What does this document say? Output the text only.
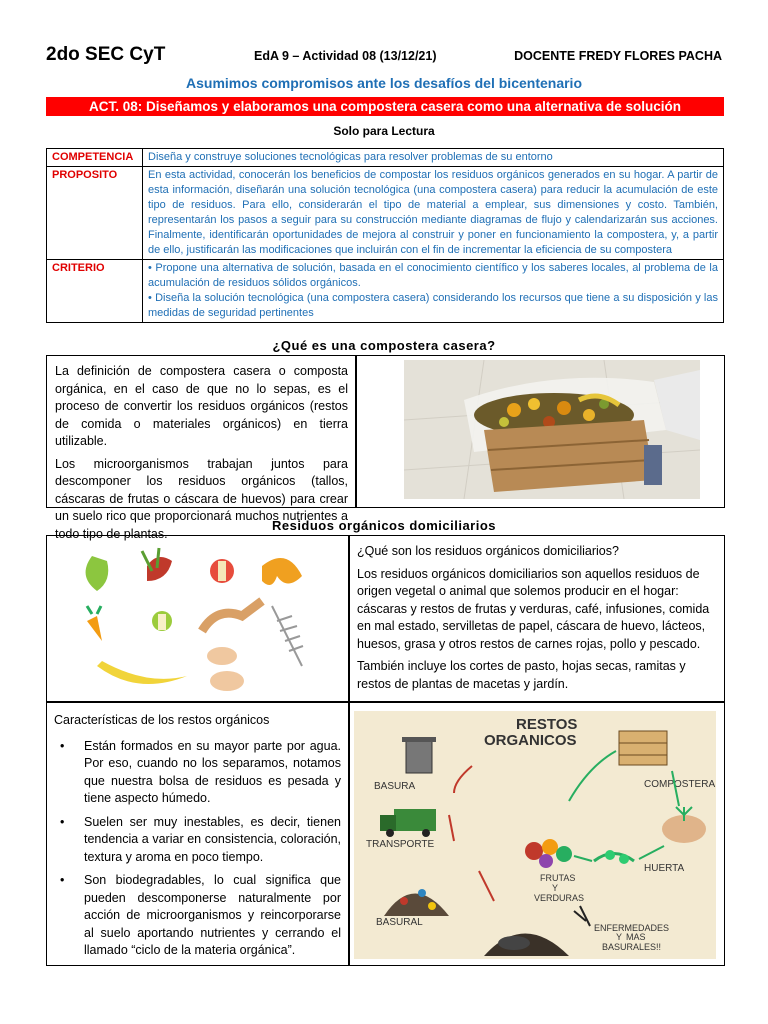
2do SEC CyT	EdA 9 – Actividad 08 (13/12/21)	DOCENTE FREDY FLORES PACHA
Asumimos compromisos ante los desafíos del bicentenario
ACT. 08: Diseñamos y elaboramos una compostera casera como una alternativa de solución
Solo para Lectura
COMPETENCIA	Diseña y construye soluciones tecnológicas para resolver problemas de su entorno
PROPOSITO	En esta actividad, conocerán los beneficios de compostar los residuos orgánicos generados en su hogar. A partir de esta información, diseñarán una solución tecnológica (una compostera casera) para reducir la acumulación de este tipo de residuos. Para ello, considerarán el tipo de material a emplear, sus dimensiones y costo. También, representarán los pasos a seguir para su construcción mediante diagramas de flujo y calendarizarán sus acciones. Finalmente, identificarán oportunidades de mejora al construir y poner en funcionamiento la compostera, y, a partir de ello, justificarán las modificaciones que incluirán con el fin de incrementar la eficiencia de su compostera
CRITERIO	• Propone una alternativa de solución, basada en el conocimiento científico y los saberes locales, al problema de la acumulación de residuos sólidos orgánicos.
• Diseña la solución tecnológica (una compostera casera) considerando los recursos que tiene a su disposición y las medidas de seguridad pertinentes
¿Qué es una compostera casera?

La definición de compostera casera o composta orgánica, en el caso de que no lo sepas, es el proceso de convertir los residuos orgánicos (restos de comida o materiales orgánicos) en tierra utilizable.

Los microorganismos trabajan juntos para descomponer los residuos orgánicos (tallos, cáscaras de frutas o cáscara de huevos) para crear un suelo rico que proporcionará muchos nutrientes a todo tipo de plantas.

Residuos orgánicos domiciliarios

¿Qué son los residuos orgánicos domiciliarios?

Los residuos orgánicos domiciliarios son aquellos residuos de origen vegetal o animal que solemos producir en el hogar: cáscaras y restos de frutas y verduras, café, infusiones, comida en mal estado, servilletas de papel, cáscara de huevo, lácteos, huesos, grasa y otros restos de carnes rojas, pollo y pescado.

También incluye los cortes de pasto, hojas secas, ramitas y restos de plantas de macetas y jardín.

Características de los restos orgánicos

• Están formados en su mayor parte por agua. Por eso, cuando no los separamos, notamos que nuestra bolsa de residuos es pesada y tiene aspecto húmedo.
• Suelen ser muy inestables, es decir, tienen tendencia a variar en consistencia, coloración, textura y aroma en poco tiempo.
• Son biodegradables, lo cual significa que pueden descomponerse naturalmente por acción de microorganismos y reincorporarse al suelo aportando nutrientes y cerrando el llamado “ciclo de la materia orgánica”.
RESTOS
ORGANICOS
BASURA
TRANSPORTE
BASURAL
FRUTAS
Y
VERDURAS
COMPOSTERA
HUERTA
ENFERMEDADES
Y MAS
BASURALES!!
